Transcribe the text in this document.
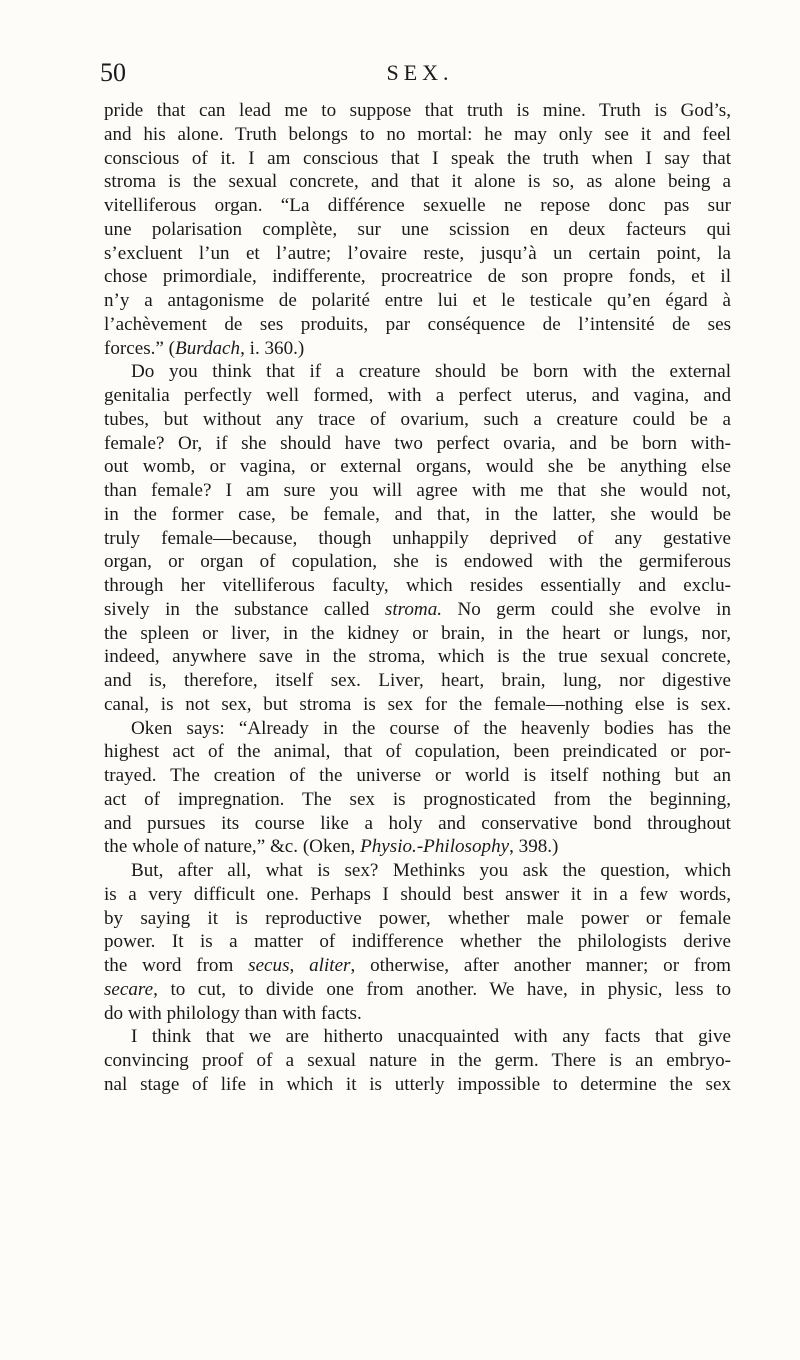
50	SEX.
pride that can lead me to suppose that truth is mine. Truth is God’s,
and his alone. Truth belongs to no mortal: he may only see it and feel
conscious of it. I am conscious that I speak the truth when I say that
stroma is the sexual concrete, and that it alone is so, as alone being a
vitelliferous organ. “La différence sexuelle ne repose donc pas sur
une polarisation complète, sur une scission en deux facteurs qui
s’excluent l’un et l’autre; l’ovaire reste, jusqu’à un certain point, la
chose primordiale, indifferente, procreatrice de son propre fonds, et il
n’y a antagonisme de polarité entre lui et le testicale qu’en égard à
l’achèvement de ses produits, par conséquence de l’intensité de ses
forces.” (Burdach, i. 360.)
Do you think that if a creature should be born with the external
genitalia perfectly well formed, with a perfect uterus, and vagina, and
tubes, but without any trace of ovarium, such a creature could be a
female? Or, if she should have two perfect ovaria, and be born with-
out womb, or vagina, or external organs, would she be anything else
than female? I am sure you will agree with me that she would not,
in the former case, be female, and that, in the latter, she would be
truly female—because, though unhappily deprived of any gestative
organ, or organ of copulation, she is endowed with the germiferous
through her vitelliferous faculty, which resides essentially and exclu-
sively in the substance called stroma. No germ could she evolve in
the spleen or liver, in the kidney or brain, in the heart or lungs, nor,
indeed, anywhere save in the stroma, which is the true sexual concrete,
and is, therefore, itself sex. Liver, heart, brain, lung, nor digestive
canal, is not sex, but stroma is sex for the female—nothing else is sex.
Oken says: “Already in the course of the heavenly bodies has the
highest act of the animal, that of copulation, been preindicated or por-
trayed. The creation of the universe or world is itself nothing but an
act of impregnation. The sex is prognosticated from the beginning,
and pursues its course like a holy and conservative bond throughout
the whole of nature,” &c. (Oken, Physio.-Philosophy, 398.)
But, after all, what is sex? Methinks you ask the question, which
is a very difficult one. Perhaps I should best answer it in a few words,
by saying it is reproductive power, whether male power or female
power. It is a matter of indifference whether the philologists derive
the word from secus, aliter, otherwise, after another manner; or from
secare, to cut, to divide one from another. We have, in physic, less to
do with philology than with facts.
I think that we are hitherto unacquainted with any facts that give
convincing proof of a sexual nature in the germ. There is an embryo-
nal stage of life in which it is utterly impossible to determine the sex
